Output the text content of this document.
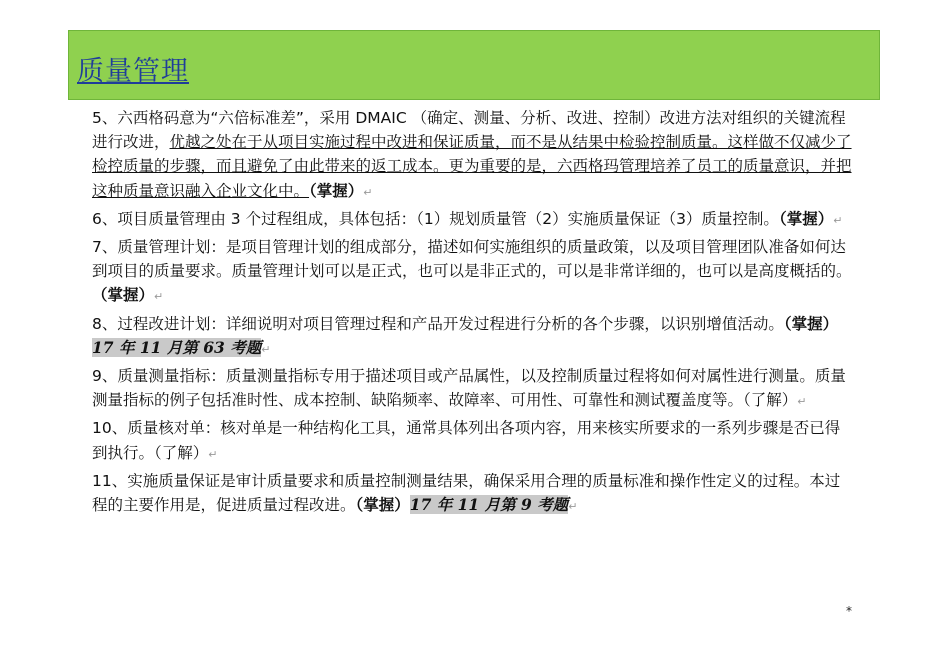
质量管理

5、六西格码意为“六倍标准差”，采用 DMAIC （确定、测量、分析、改进、控制）改进方法对组织的关键流程进行改进，优越之处在于从项目实施过程中改进和保证质量，而不是从结果中检验控制质量。这样做不仅减少了检控质量的步骤，而且避免了由此带来的返工成本。更为重要的是，六西格玛管理培养了员工的质量意识，并把这种质量意识融入企业文化中。（掌握）↵

6、项目质量管理由 3 个过程组成，具体包括：（1）规划质量管（2）实施质量保证（3）质量控制。（掌握）↵

7、质量管理计划：是项目管理计划的组成部分，描述如何实施组织的质量政策，以及项目管理团队准备如何达到项目的质量要求。质量管理计划可以是正式，也可以是非正式的，可以是非常详细的，也可以是高度概括的。（掌握）↵

8、过程改进计划：详细说明对项目管理过程和产品开发过程进行分析的各个步骤，以识别增值活动。（掌握）17 年 11 月第 63 考题↵

9、质量测量指标：质量测量指标专用于描述项目或产品属性，以及控制质量过程将如何对属性进行测量。质量测量指标的例子包括准时性、成本控制、缺陷频率、故障率、可用性、可靠性和测试覆盖度等。（了解）↵

10、质量核对单：核对单是一种结构化工具，通常具体列出各项内容，用来核实所要求的一系列步骤是否已得到执行。（了解）↵

11、实施质量保证是审计质量要求和质量控制测量结果，确保采用合理的质量标准和操作性定义的过程。本过程的主要作用是，促进质量过程改进。（掌握）17 年 11 月第 9 考题↵

*
